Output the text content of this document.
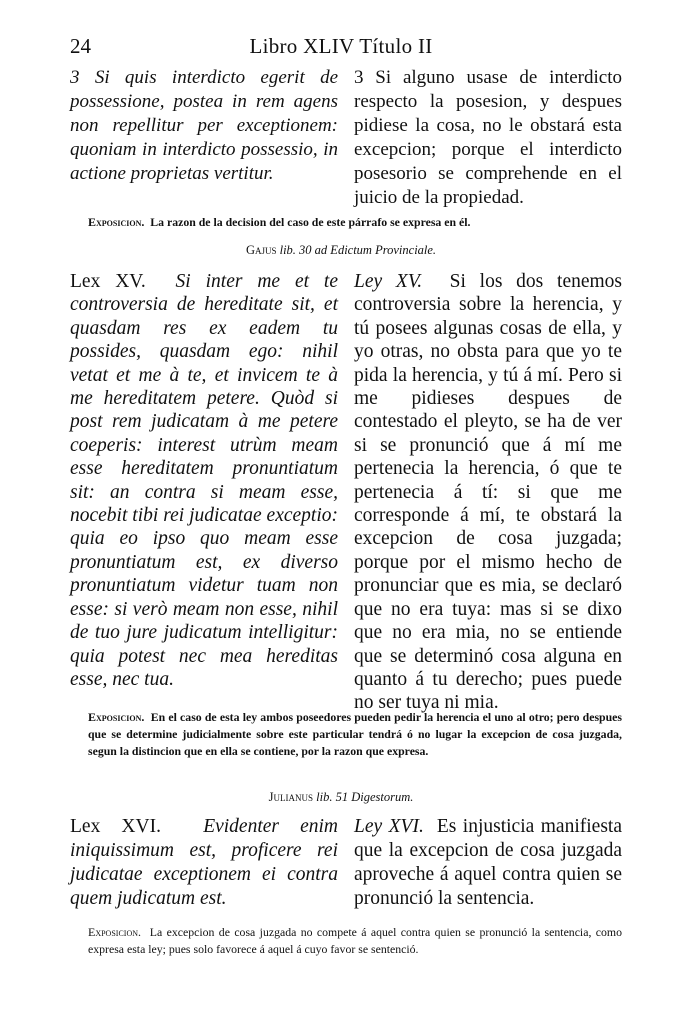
24	Libro XLIV Título II

3 Si quis interdicto egerit de possessione, postea in rem agens non repellitur per exceptionem: quoniam in interdicto possessio, in actione proprietas vertitur.

3 Si alguno usase de interdicto respecto la posesion, y despues pidiese la cosa, no le obstará esta excepcion; porque el interdicto posesorio se comprehende en el juicio de la propiedad.

Exposicion. La razon de la decision del caso de este párrafo se expresa en él.
Gajus lib. 30 ad Edictum Provinciale.

Lex XV. Si inter me et te controversia de hereditate sit, et quasdam res ex eadem tu possides, quasdam ego: nihil vetat et me à te, et invicem te à me hereditatem petere. Quòd si post rem judicatam à me petere coeperis: interest utrùm meam esse hereditatem pronuntiatum sit: an contra si meam esse, nocebit tibi rei judicatae exceptio: quia eo ipso quo meam esse pronuntiatum est, ex diverso pronuntiatum videtur tuam non esse: si verò meam non esse, nihil de tuo jure judicatum intelligitur: quia potest nec mea hereditas esse, nec tua.

Ley XV. Si los dos tenemos controversia sobre la herencia, y tú posees algunas cosas de ella, y yo otras, no obsta para que yo te pida la herencia, y tú á mí. Pero si me pidieses despues de contestado el pleyto, se ha de ver si se pronunció que á mí me pertenecia la herencia, ó que te pertenecia á tí: si que me corresponde á mí, te obstará la excepcion de cosa juzgada; porque por el mismo hecho de pronunciar que es mia, se declaró que no era tuya: mas si se dixo que no era mia, no se entiende que se determinó cosa alguna en quanto á tu derecho; pues puede no ser tuya ni mia.

Exposicion. En el caso de esta ley ambos poseedores pueden pedir la herencia el uno al otro; pero despues que se determine judicialmente sobre este particular tendrá ó no lugar la excepcion de cosa juzgada, segun la distincion que en ella se contiene, por la razon que expresa.
Julianus lib. 51 Digestorum.

Lex XVI. Evidenter enim iniquissimum est, proficere rei judicatae exceptionem ei contra quem judicatum est.

Ley XVI. Es injusticia manifiesta que la excepcion de cosa juzgada aproveche á aquel contra quien se pronunció la sentencia.

Exposicion. La excepcion de cosa juzgada no compete á aquel contra quien se pronunció la sentencia, como expresa esta ley; pues solo favorece á aquel á cuyo favor se sentenció.
